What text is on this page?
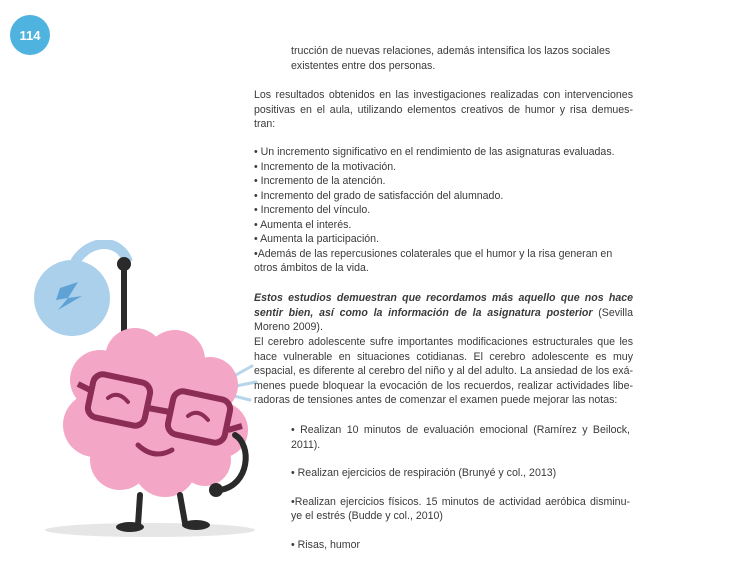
114
trucción de nuevas relaciones, además intensifica los lazos sociales
existentes entre dos personas.

Los resultados obtenidos en las investigaciones realizadas con intervenciones positivas en el aula, utilizando elementos creativos de humor y risa demues-tran:

• Un incremento significativo en el rendimiento de las asignaturas evaluadas.
• Incremento de la motivación.
• Incremento de la atención.
• Incremento del grado de satisfacción del alumnado.
• Incremento del vínculo.
• Aumenta el interés.
• Aumenta la participación.
•Además de las repercusiones colaterales que el humor y la risa generan en otros ámbitos de la vida.

Estos estudios demuestran que recordamos más aquello que nos hace sentir bien, así como la información de la asignatura posterior (Sevilla Moreno 2009).

El cerebro adolescente sufre importantes modificaciones estructurales que les hace vulnerable en situaciones cotidianas. El cerebro adolescente es muy espacial, es diferente al cerebro del niño y al del adulto. La ansiedad de los exá-menes puede bloquear la evocación de los recuerdos, realizar actividades libe-radoras de tensiones antes de comenzar el examen puede mejorar las notas:

• Realizan 10 minutos de evaluación emocional (Ramírez y Beilock, 2011).
• Realizan ejercicios de respiración (Brunyé y col., 2013)
•Realizan ejercicios físicos. 15 minutos de actividad aeróbica disminu-ye el estrés (Budde y col., 2010)
• Risas, humor
